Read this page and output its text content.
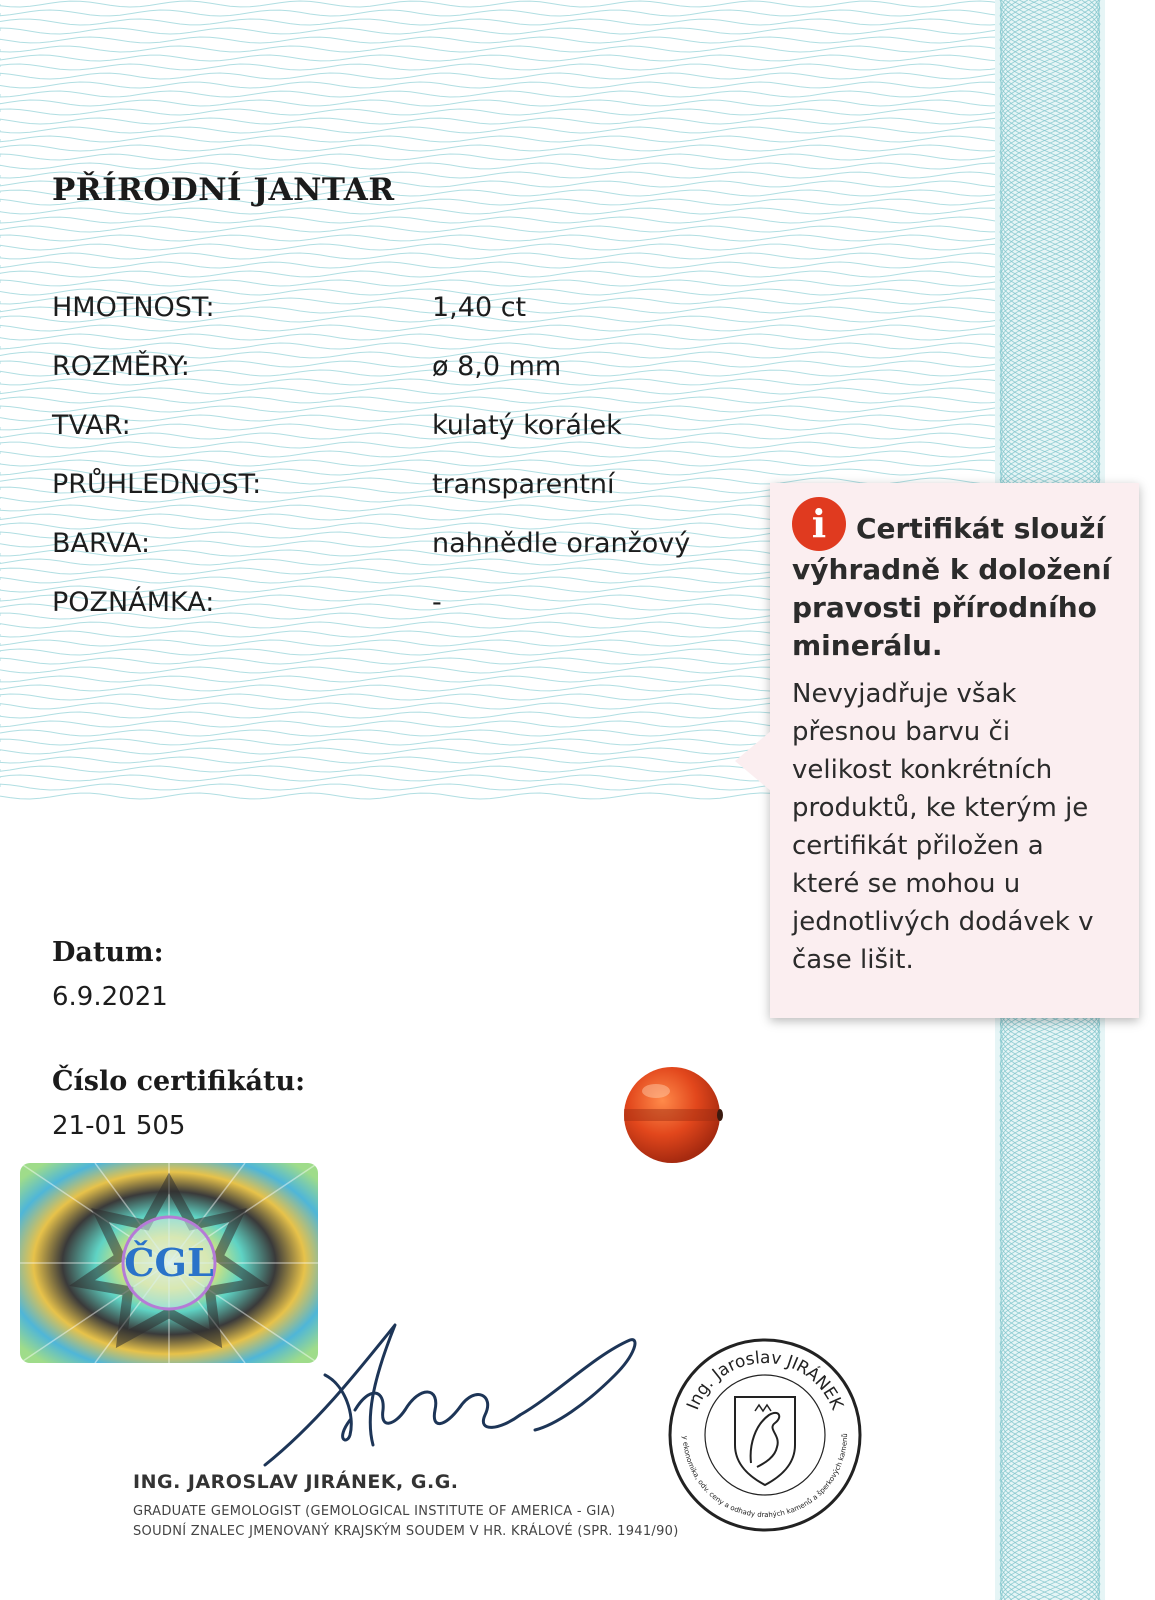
PŘÍRODNÍ JANTAR
HMOTNOST:	1,40 ct
ROZMĚRY:	ø 8,0 mm
TVAR:	kulatý korálek
PRŮHLEDNOST:	transparentní
BARVA:	nahnědle oranžový
POZNÁMKA:	-
Datum:
6.9.2021
Číslo certifikátu:
21-01 505
ČGL
ING. JAROSLAV JIRÁNEK, G.G.
GRADUATE GEMOLOGIST (GEMOLOGICAL INSTITUTE OF AMERICA - GIA)
SOUDNÍ ZNALEC JMENOVANÝ KRAJSKÝM SOUDEM V HR. KRÁLOVÉ (SPR. 1941/90)
Ing. Jaroslav JIRÁNEK
y ekonomika, odv. ceny a odhady drahých kamenů a šperkových kamenů
i Certifikát slouží výhradně k doložení pravosti přírodního minerálu.
Nevyjadřuje však přesnou barvu či velikost konkrétních produktů, ke kterým je certifikát přiložen a které se mohou u jednotlivých dodávek v čase lišit.
